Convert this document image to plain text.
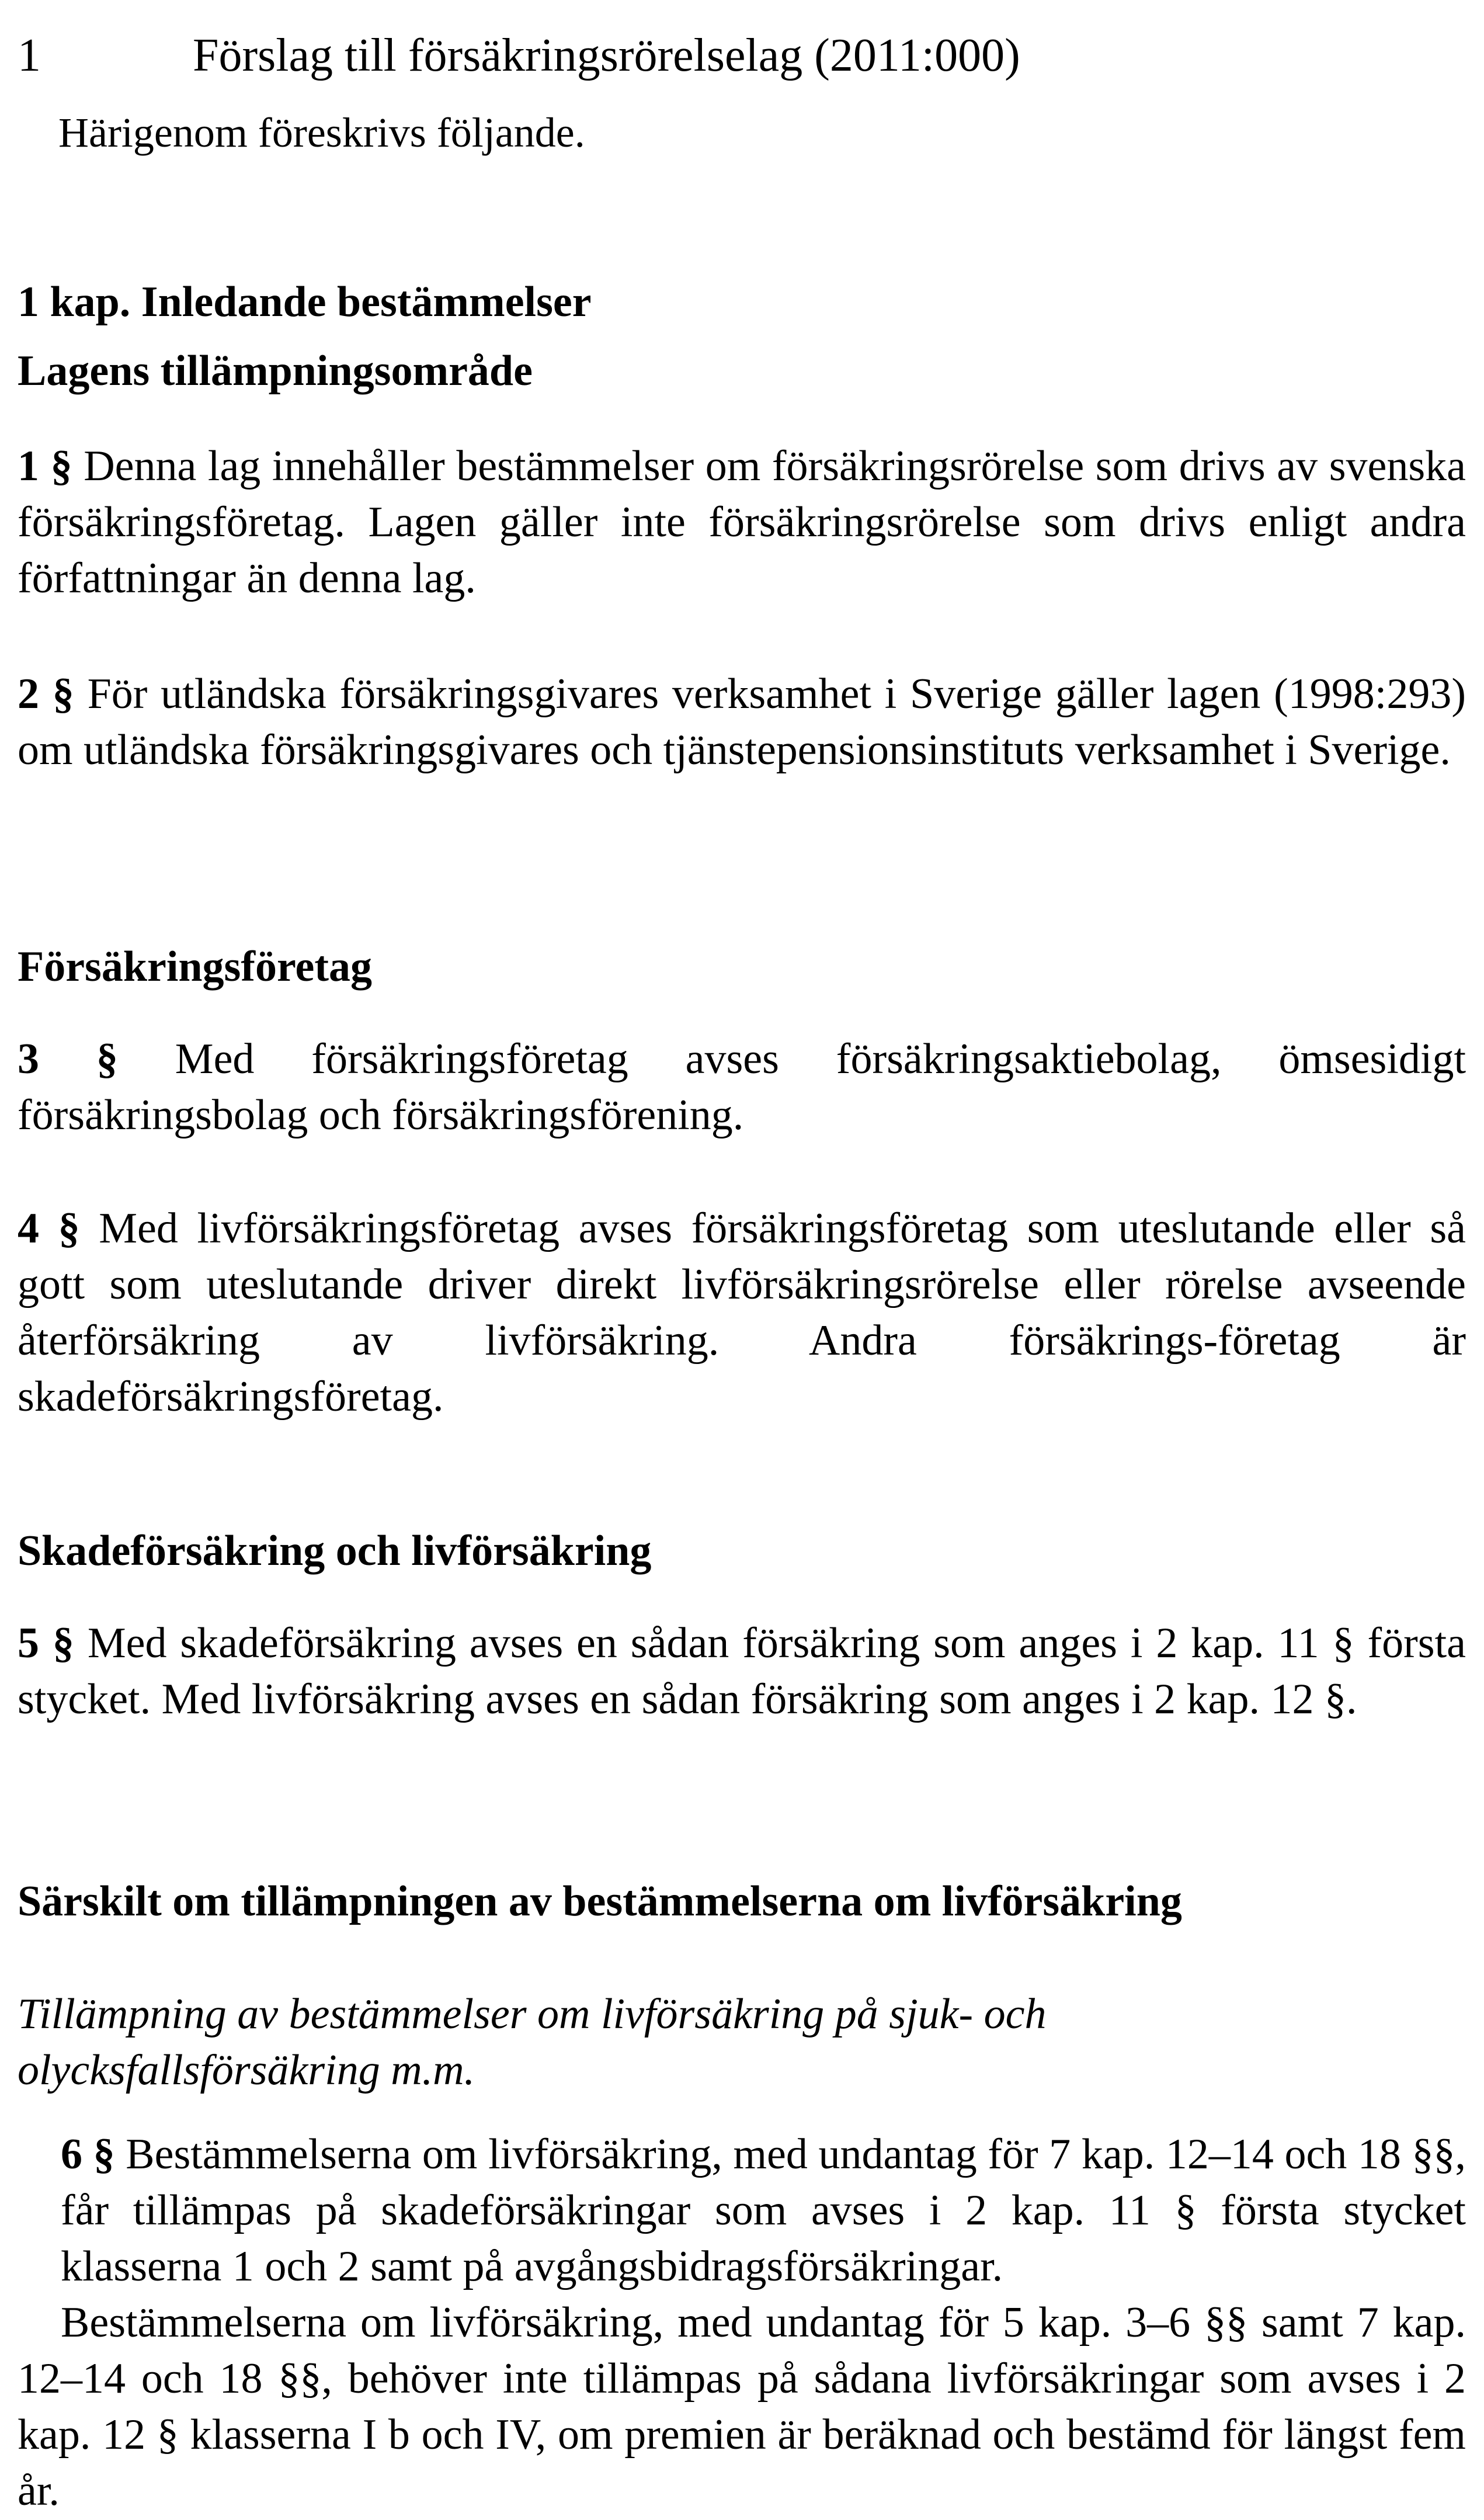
1	Förslag till försäkringsrörelselag (2011:000)
Härigenom föreskrivs följande.
1 kap. Inledande bestämmelser
Lagens tillämpningsområde
1 § Denna lag innehåller bestämmelser om försäkringsrörelse som drivs av svenska försäkringsföretag. Lagen gäller inte försäkringsrörelse som drivs enligt andra författningar än denna lag.
2 § För utländska försäkringsgivares verksamhet i Sverige gäller lagen (1998:293) om utländska försäkringsgivares och tjänstepensionsinstituts verksamhet i Sverige.
Försäkringsföretag
3 § Med försäkringsföretag avses försäkringsaktiebolag, ömsesidigt försäkringsbolag och försäkringsförening.
4 § Med livförsäkringsföretag avses försäkringsföretag som uteslutande eller så gott som uteslutande driver direkt livförsäkringsrörelse eller rörelse avseende återförsäkring av livförsäkring. Andra försäkrings-företag är skadeförsäkringsföretag.
Skadeförsäkring och livförsäkring
5 § Med skadeförsäkring avses en sådan försäkring som anges i 2 kap. 11 § första stycket. Med livförsäkring avses en sådan försäkring som anges i 2 kap. 12 §.
Särskilt om tillämpningen av bestämmelserna om livförsäkring
Tillämpning av bestämmelser om livförsäkring på sjuk- och olycksfallsförsäkring m.m.
6 § Bestämmelserna om livförsäkring, med undantag för 7 kap. 12–14 och 18 §§, får tillämpas på skadeförsäkringar som avses i 2 kap. 11 § första stycket klasserna 1 och 2 samt på avgångsbidragsförsäkringar.
Bestämmelserna om livförsäkring, med undantag för 5 kap. 3–6 §§ samt 7 kap. 12–14 och 18 §§, behöver inte tillämpas på sådana livförsäkringar som avses i 2 kap. 12 § klasserna I b och IV, om premien är beräknad och bestämd för längst fem år.
